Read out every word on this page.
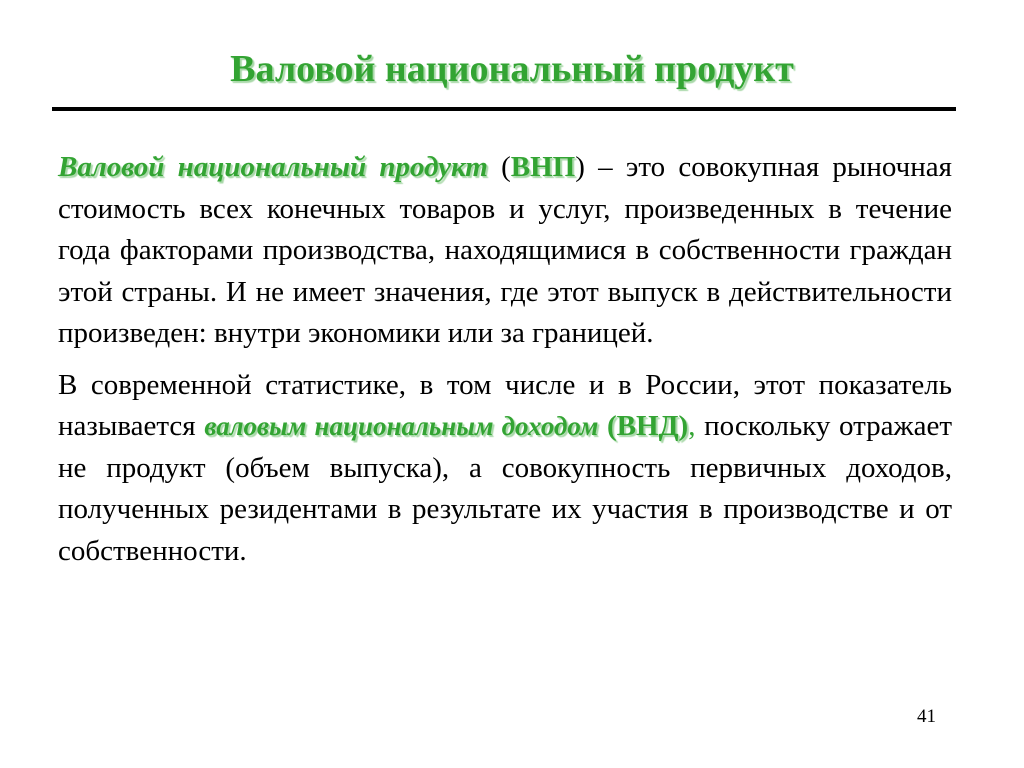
Валовой национальный продукт

Валовой национальный продукт (ВНП) – это совокупная рыночная стоимость всех конечных товаров и услуг, произведенных в течение года факторами производства, находящимися в собственности граждан этой страны. И не имеет значения, где этот выпуск в действительности произведен: внутри экономики или за границей.

В современной статистике, в том числе и в России, этот показатель называется валовым национальным доходом (ВНД), поскольку отражает не продукт (объем выпуска), а совокупность первичных доходов, полученных резидентами в результате их участия в производстве и от собственности.

41
